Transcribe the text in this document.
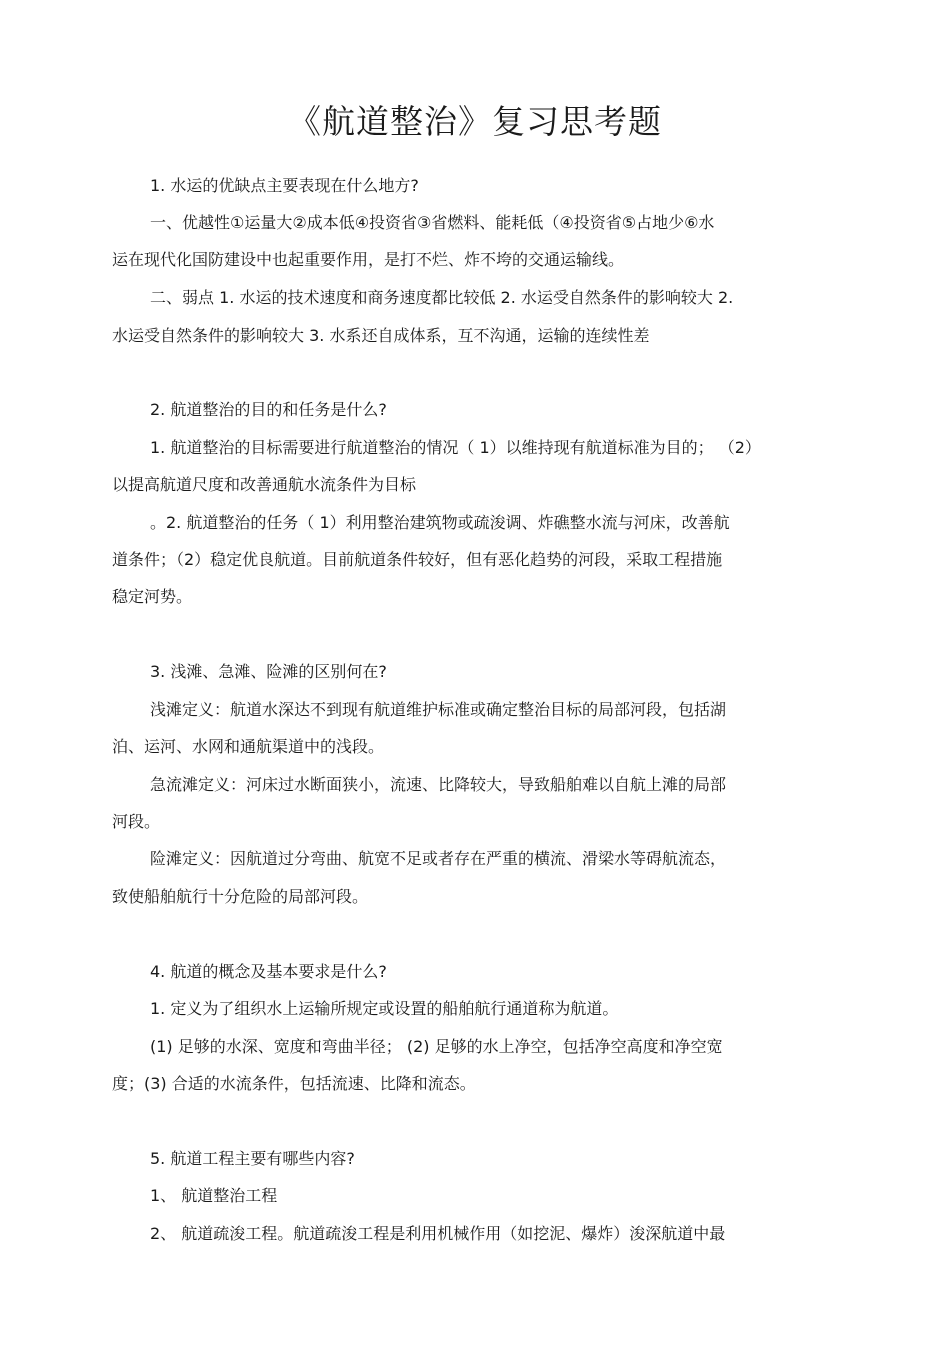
《航道整治》复习思考题
1. 水运的优缺点主要表现在什么地方?
一、优越性①运量大②成本低④投资省③省燃料、能耗低（④投资省⑤占地少⑥水
运在现代化国防建设中也起重要作用，是打不烂、炸不垮的交通运输线。
二、弱点 1. 水运的技术速度和商务速度都比较低 2. 水运受自然条件的影响较大 2.
水运受自然条件的影响较大 3. 水系还自成体系，互不沟通，运输的连续性差
2. 航道整治的目的和任务是什么?
1. 航道整治的目标需要进行航道整治的情况（ 1）以维持现有航道标准为目的； （2）
以提高航道尺度和改善通航水流条件为目标
。2. 航道整治的任务（ 1）利用整治建筑物或疏浚调、炸礁整水流与河床，改善航
道条件；（2）稳定优良航道。目前航道条件较好，但有恶化趋势的河段，采取工程措施
稳定河势。
3. 浅滩、急滩、险滩的区别何在?
浅滩定义：航道水深达不到现有航道维护标准或确定整治目标的局部河段，包括湖
泊、运河、水网和通航渠道中的浅段。
急流滩定义：河床过水断面狭小，流速、比降较大，导致船舶难以自航上滩的局部
河段。
险滩定义：因航道过分弯曲、航宽不足或者存在严重的横流、滑梁水等碍航流态，
致使船舶航行十分危险的局部河段。
4. 航道的概念及基本要求是什么?
1. 定义为了组织水上运输所规定或设置的船舶航行通道称为航道。
(1) 足够的水深、宽度和弯曲半径； (2) 足够的水上净空，包括净空高度和净空宽
度；(3) 合适的水流条件，包括流速、比降和流态。
5. 航道工程主要有哪些内容?
1、 航道整治工程
2、 航道疏浚工程。航道疏浚工程是利用机械作用（如挖泥、爆炸）浚深航道中最
